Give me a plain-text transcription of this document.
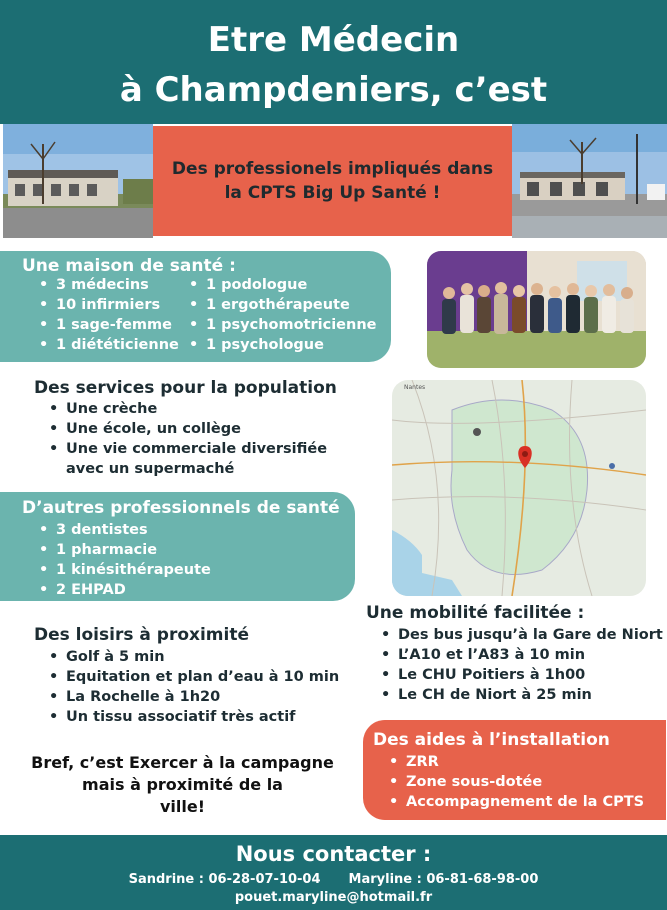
Etre Médecin
à Champdeniers, c’est
Des professionels impliqués dans
la CPTS Big Up Santé !
Une maison de santé :
• 3 médecins
• 10 infirmiers
• 1 sage-femme
• 1 diététicienne
• 1 podologue
• 1 ergothérapeute
• 1 psychomotricienne
• 1 psychologue
Des services pour la population
• Une crèche
• Une école, un collège
• Une vie commerciale diversifiée
avec un supermaché
Nantes
D’autres professionnels de santé
• 3 dentistes
• 1 pharmacie
• 1 kinésithérapeute
• 2 EHPAD
Une mobilité facilitée :
• Des bus jusqu’à la Gare de Niort
• L’A10 et l’A83 à 10 min
• Le CHU Poitiers à 1h00
• Le CH de Niort à 25 min
Des loisirs à proximité
• Golf à 5 min
• Equitation et plan d’eau à 10 min
• La Rochelle à 1h20
• Un tissu associatif très actif
Des aides à l’installation
• ZRR
• Zone sous-dotée
• Accompagnement de la CPTS
Bref, c’est Exercer à la campagne
mais à proximité de la
ville!
Nous contacter :
Sandrine : 06-28-07-10-04 Maryline : 06-81-68-98-00
pouet.maryline@hotmail.fr
